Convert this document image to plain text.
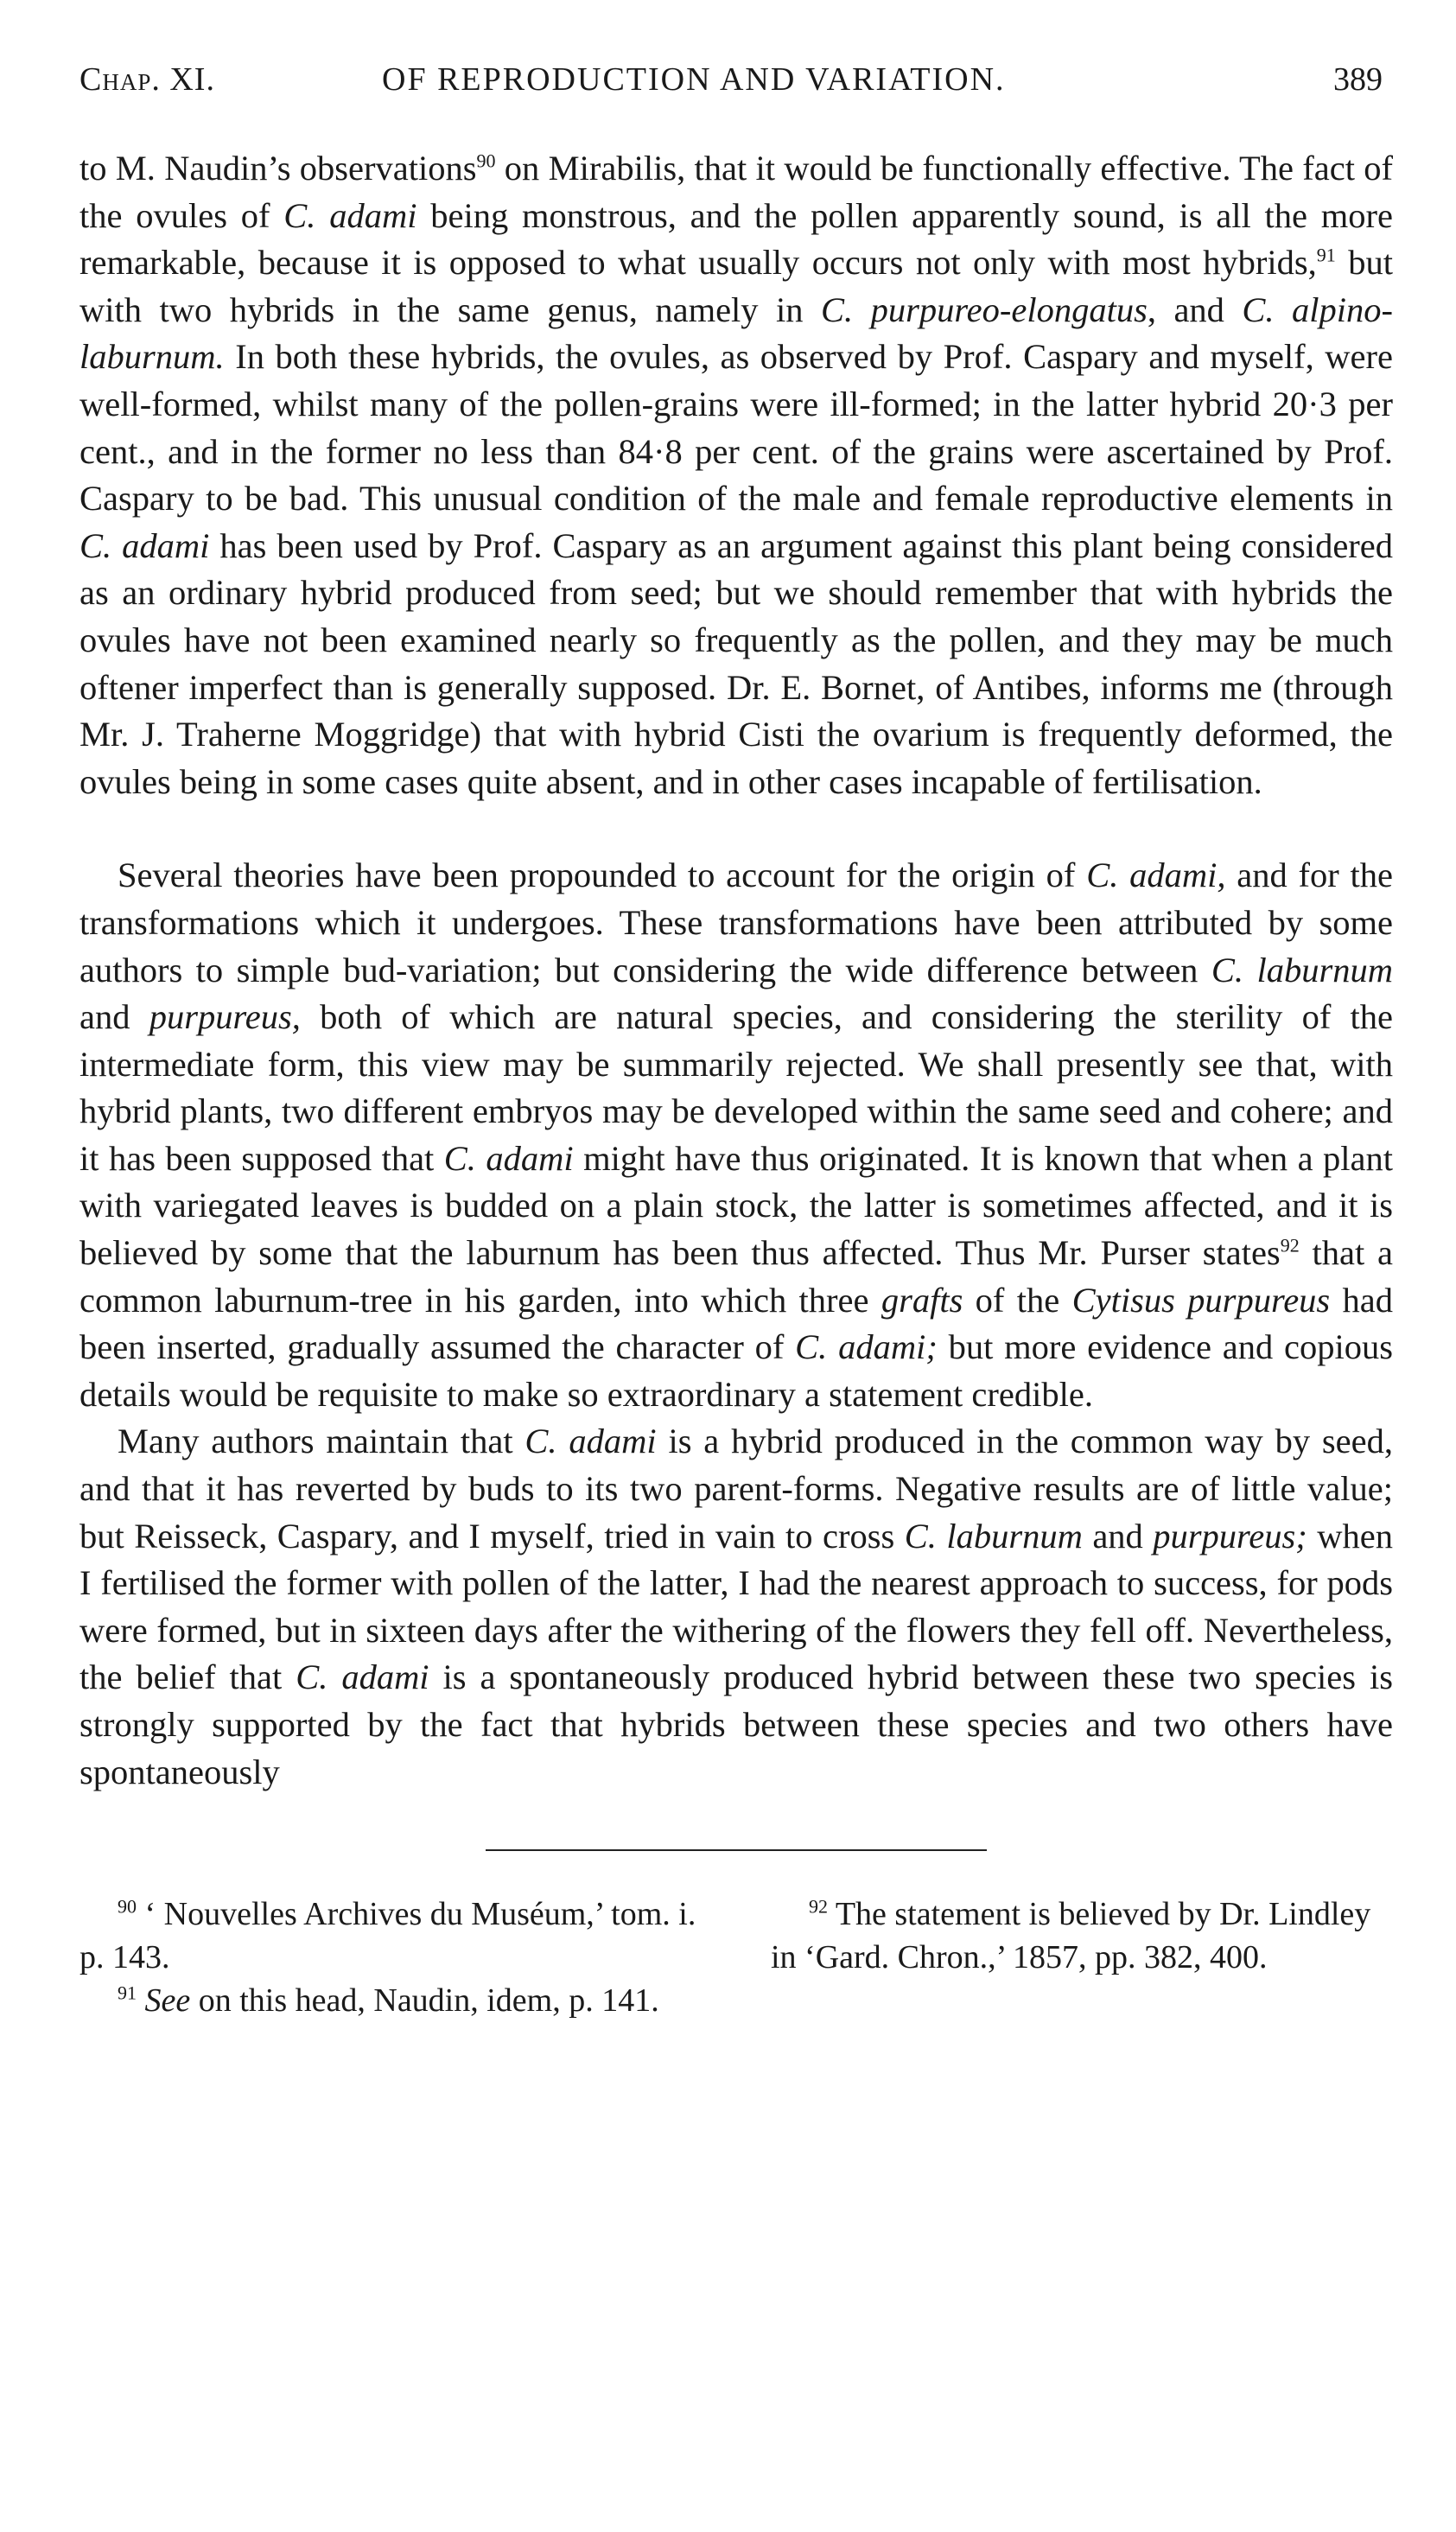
Chap. XI.	OF REPRODUCTION AND VARIATION.	389

to M. Naudin’s observations$^{90}$ on Mirabilis, that it would be functionally effective. The fact of the ovules of C. adami being monstrous, and the pollen apparently sound, is all the more remarkable, because it is opposed to what usually occurs not only with most hybrids,$^{91}$ but with two hybrids in the same genus, namely in C. purpureo-elongatus, and C. alpino-laburnum. In both these hybrids, the ovules, as observed by Prof. Caspary and myself, were well-formed, whilst many of the pollen-grains were ill-formed; in the latter hybrid 20·3 per cent., and in the former no less than 84·8 per cent. of the grains were ascertained by Prof. Caspary to be bad. This unusual condition of the male and female reproductive elements in C. adami has been used by Prof. Caspary as an argument against this plant being considered as an ordinary hybrid produced from seed; but we should remember that with hybrids the ovules have not been examined nearly so frequently as the pollen, and they may be much oftener imperfect than is generally supposed. Dr. E. Bornet, of Antibes, informs me (through Mr. J. Traherne Moggridge) that with hybrid Cisti the ovarium is frequently deformed, the ovules being in some cases quite absent, and in other cases incapable of fertilisation.

Several theories have been propounded to account for the origin of C. adami, and for the transformations which it undergoes. These transformations have been attributed by some authors to simple bud-variation; but considering the wide difference between C. laburnum and purpureus, both of which are natural species, and considering the sterility of the intermediate form, this view may be summarily rejected. We shall presently see that, with hybrid plants, two different embryos may be developed within the same seed and cohere; and it has been supposed that C. adami might have thus originated. It is known that when a plant with variegated leaves is budded on a plain stock, the latter is sometimes affected, and it is believed by some that the laburnum has been thus affected. Thus Mr. Purser states$^{92}$ that a common laburnum-tree in his garden, into which three grafts of the Cytisus purpureus had been inserted, gradually assumed the character of C. adami; but more evidence and copious details would be requisite to make so extraordinary a statement credible.

Many authors maintain that C. adami is a hybrid produced in the common way by seed, and that it has reverted by buds to its two parent-forms. Negative results are of little value; but Reisseck, Caspary, and I myself, tried in vain to cross C. laburnum and purpureus; when I fertilised the former with pollen of the latter, I had the nearest approach to success, for pods were formed, but in sixteen days after the withering of the flowers they fell off. Nevertheless, the belief that C. adami is a spontaneously produced hybrid between these two species is strongly supported by the fact that hybrids between these species and two others have spontaneously

$^{90}$ ‘ Nouvelles Archives du Muséum,’ tom. i. p. 143.

$^{91}$ See on this head, Naudin, idem, p. 141.

$^{92}$ The statement is believed by Dr. Lindley in ‘Gard. Chron.,’ 1857, pp. 382, 400.
